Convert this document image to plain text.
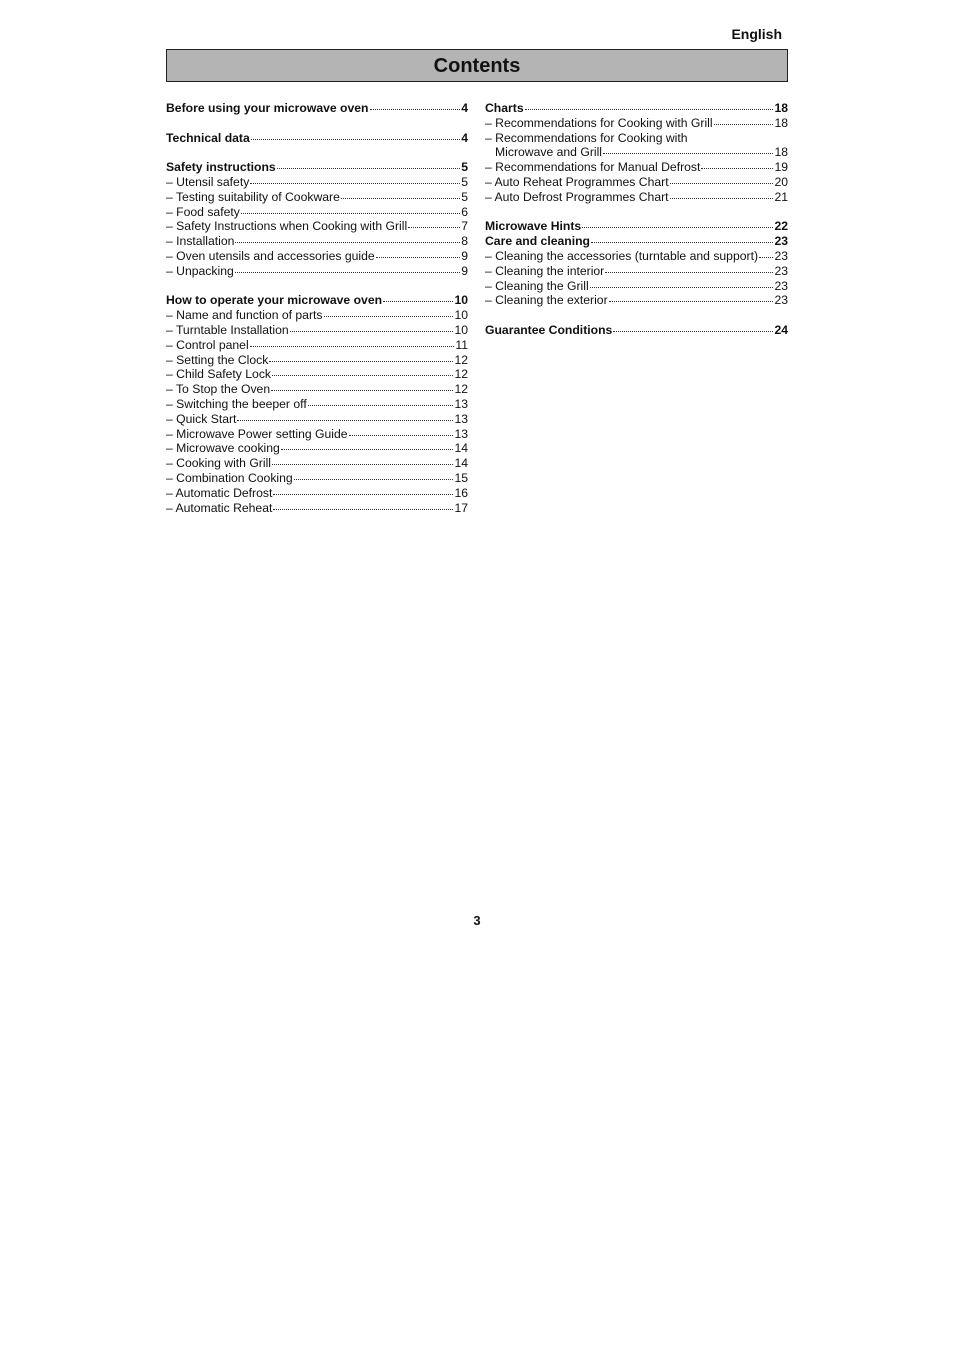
English
Contents
Before using your microwave oven	4
Technical data	4
Safety instructions	5
– Utensil safety	5
– Testing suitability of Cookware	5
– Food safety	6
– Safety Instructions when Cooking with Grill	7
– Installation	8
– Oven utensils and accessories guide	9
– Unpacking	9
How to operate your microwave oven	10
– Name and function of parts	10
– Turntable Installation	10
– Control panel	11
– Setting the Clock	12
– Child Safety Lock	12
– To Stop the Oven	12
– Switching the beeper off	13
– Quick Start	13
– Microwave Power setting Guide	13
– Microwave cooking	14
– Cooking with Grill	14
– Combination Cooking	15
– Automatic Defrost	16
– Automatic Reheat	17
Charts	18
– Recommendations for Cooking with Grill	18
– Recommendations for Cooking with
Microwave and Grill	18
– Recommendations for Manual Defrost	19
– Auto Reheat Programmes Chart	20
– Auto Defrost Programmes Chart	21
Microwave Hints	22
Care and cleaning	23
– Cleaning the accessories (turntable and support) 23
– Cleaning the interior	23
– Cleaning the Grill	23
– Cleaning the exterior	23
Guarantee Conditions	24
3
